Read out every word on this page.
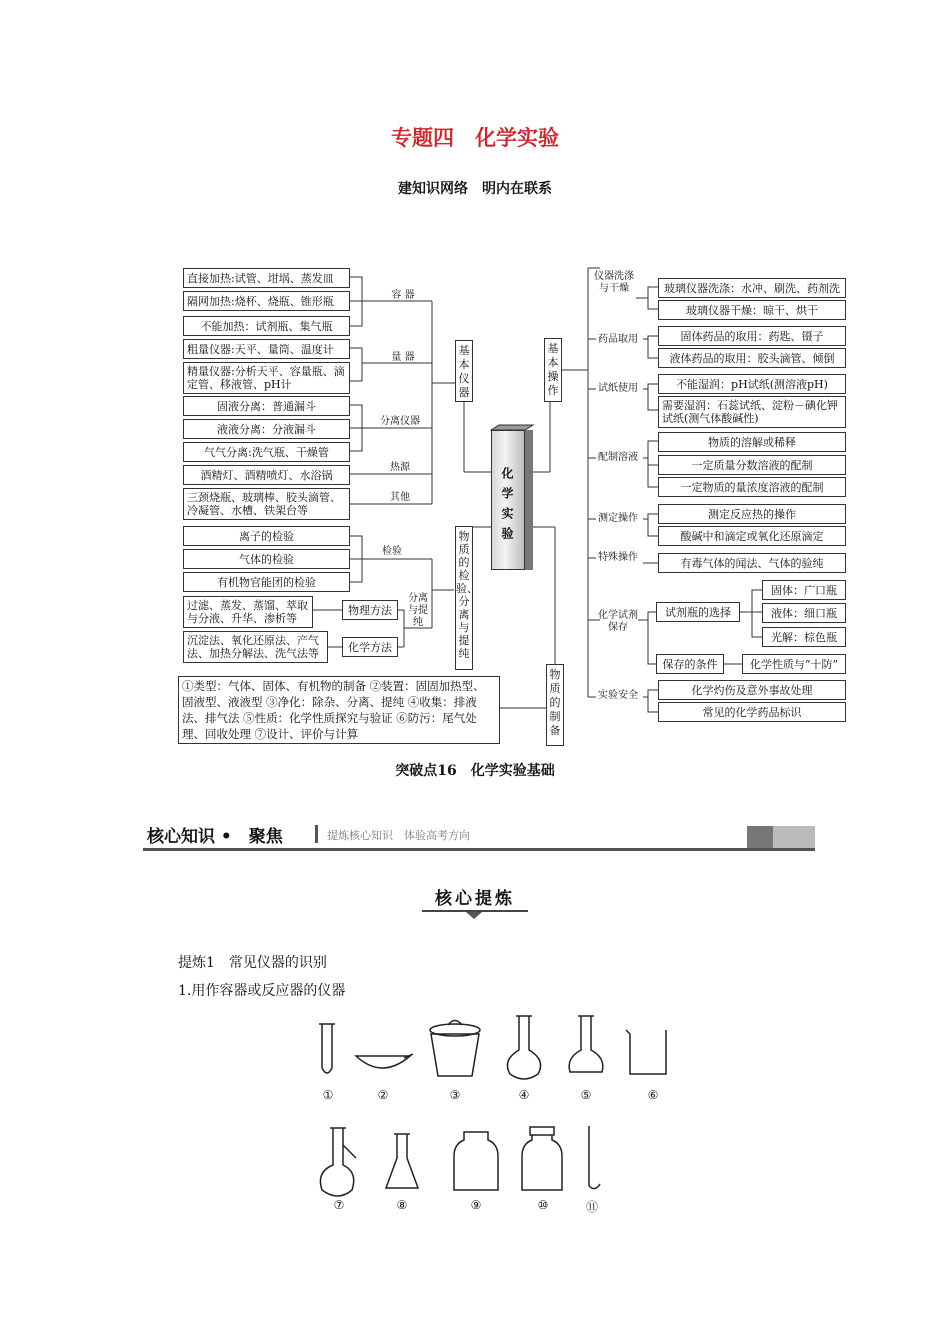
专题四　化学实验
建知识网络　明内在联系
直接加热:试管、坩埚、蒸发皿
隔网加热:烧杯、烧瓶、锥形瓶
不能加热：试剂瓶、集气瓶
容 器
粗量仪器:天平、量筒、温度计
精量仪器:分析天平、容量瓶、滴定管、移液管、pH计
量 器
固液分离：普通漏斗
液液分离：分液漏斗
气气分离:洗气瓶、干燥管
分离仪器
酒精灯、酒精喷灯、水浴锅
热源
三颈烧瓶、玻璃棒、胶头滴管、冷凝管、水槽、铁架台等
其他
基本仪器
离子的检验
气体的检验
有机物官能团的检验
检验
过滤、蒸发、蒸馏、萃取与分液、升华、渗析等
物理方法
沉淀法、氧化还原法、产气法、加热分解法、洗气法等	化学方法
分离与提纯
物质的检验、分离与提纯
①类型：气体、固体、有机物的制备 ②装置：固固加热型、固液型、液液型 ③净化：除杂、分离、提纯 ④收集：排液法、排气法 ⑤性质：化学性质探究与验证 ⑥防污：尾气处理、回收处理 ⑦设计、评价与计算
物质的制备
化学实验
基本操作
仪器洗涤与干燥	玻璃仪器洗涤：水冲、刷洗、药剂洗
玻璃仪器干燥：晾干、烘干
药品取用	固体药品的取用：药匙、镊子
液体药品的取用：胶头滴管、倾倒
试纸使用	不能湿润：pH试纸(测溶液pH)
需要湿润：石蕊试纸、淀粉－碘化钾试纸(测气体酸碱性)
配制溶液
物质的溶解或稀释
一定质量分数溶液的配制
一定物质的量浓度溶液的配制
测定操作	测定反应热的操作
酸碱中和滴定或氧化还原滴定
特殊操作	有毒气体的闻法、气体的验纯
化学试剂保存
试剂瓶的选择
固体：广口瓶
液体：细口瓶
光解：棕色瓶
保存的条件	化学性质与“十防”
实验安全	化学灼伤及意外事故处理
常见的化学药品标识
突破点16　化学实验基础
核心知识 •　聚焦	提炼核心知识　体验高考方向
核心提炼
提炼1　常见仪器的识别
1.用作容器或反应器的仪器
①	②	③	④	⑤	⑥
⑦	⑧	⑨	⑩	⑪
